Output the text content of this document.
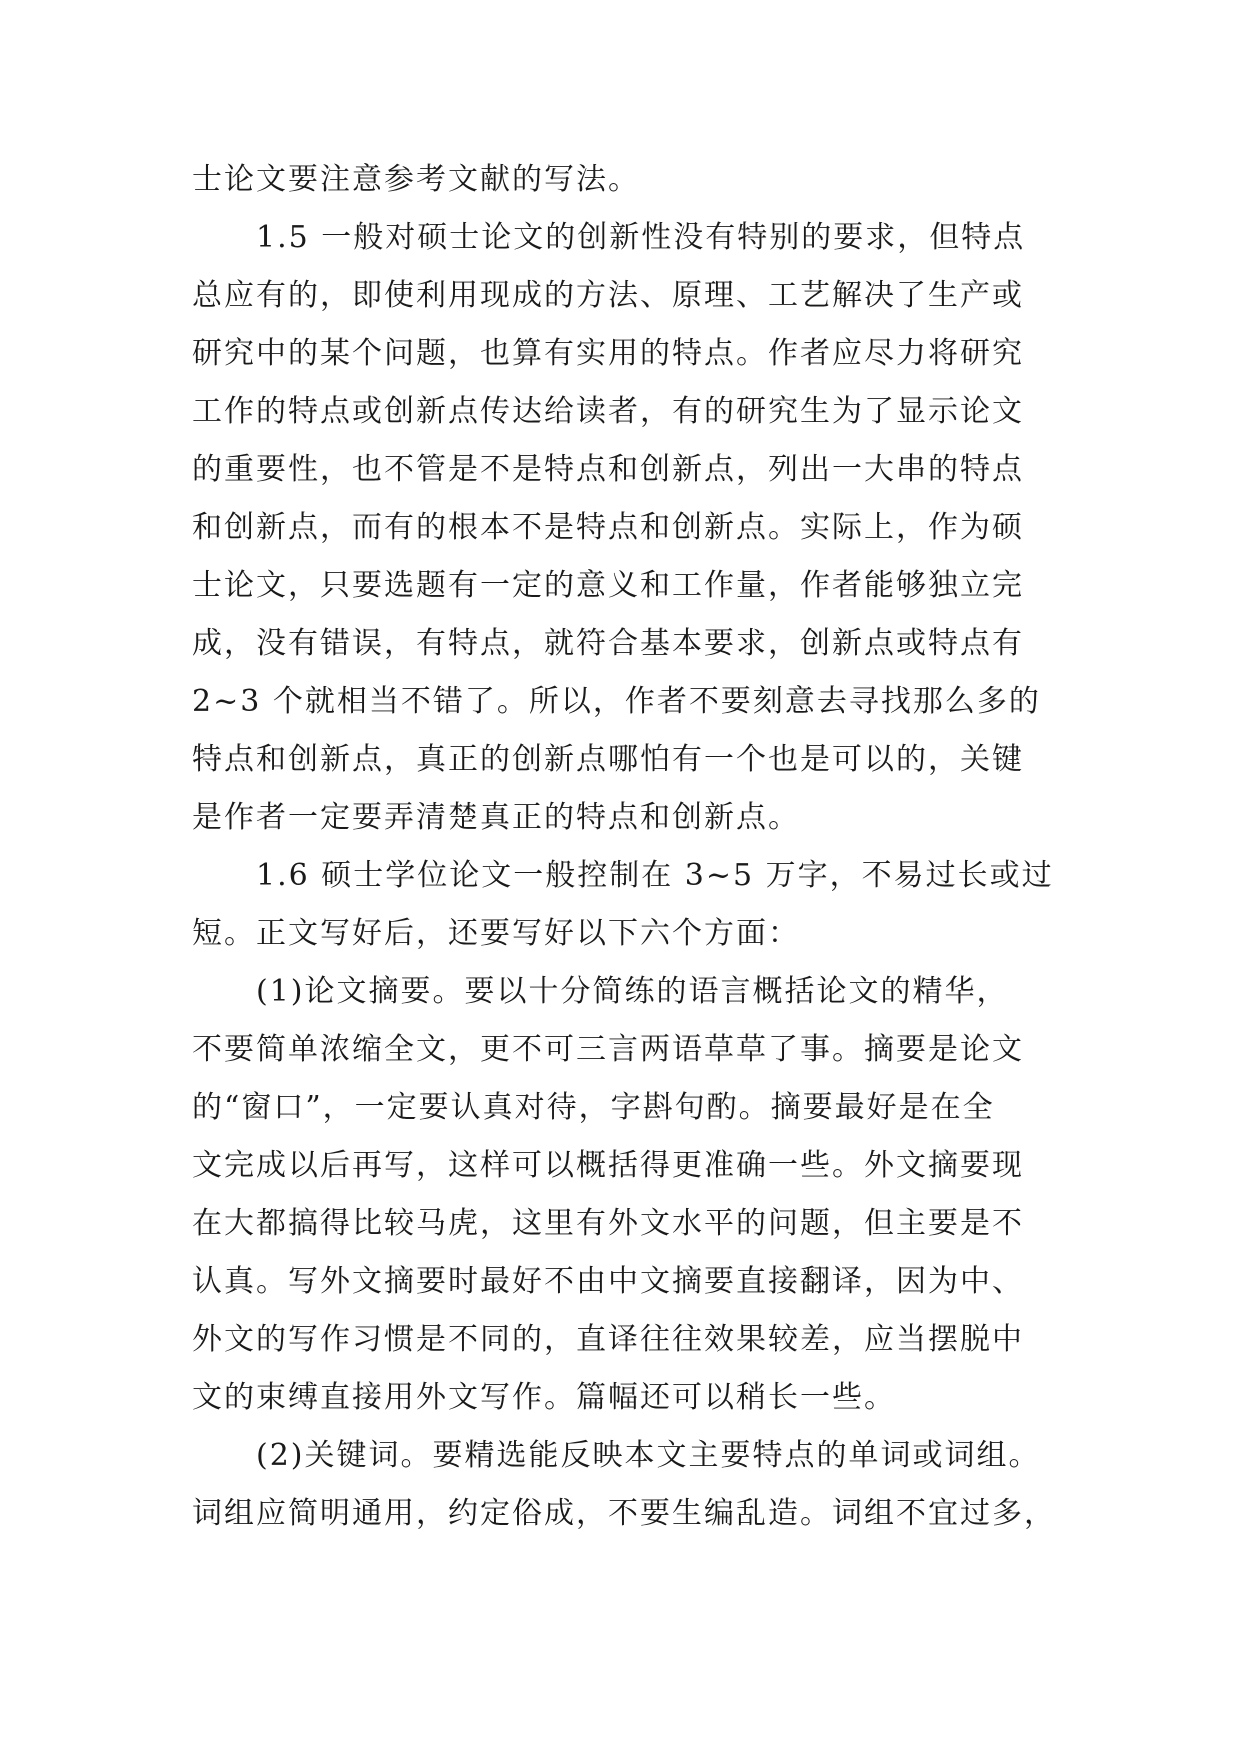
士论文要注意参考文献的写法。
1.5 一般对硕士论文的创新性没有特别的要求，但特点
总应有的，即使利用现成的方法、原理、工艺解决了生产或
研究中的某个问题，也算有实用的特点。作者应尽力将研究
工作的特点或创新点传达给读者，有的研究生为了显示论文
的重要性，也不管是不是特点和创新点，列出一大串的特点
和创新点，而有的根本不是特点和创新点。实际上，作为硕
士论文，只要选题有一定的意义和工作量，作者能够独立完
成，没有错误，有特点，就符合基本要求，创新点或特点有
2~3 个就相当不错了。所以，作者不要刻意去寻找那么多的
特点和创新点，真正的创新点哪怕有一个也是可以的，关键
是作者一定要弄清楚真正的特点和创新点。
1.6 硕士学位论文一般控制在 3~5 万字，不易过长或过
短。正文写好后，还要写好以下六个方面：
(1)论文摘要。要以十分简练的语言概括论文的精华，
不要简单浓缩全文，更不可三言两语草草了事。摘要是论文
的“窗口”，一定要认真对待，字斟句酌。摘要最好是在全
文完成以后再写，这样可以概括得更准确一些。外文摘要现
在大都搞得比较马虎，这里有外文水平的问题，但主要是不
认真。写外文摘要时最好不由中文摘要直接翻译，因为中、
外文的写作习惯是不同的，直译往往效果较差，应当摆脱中
文的束缚直接用外文写作。篇幅还可以稍长一些。
(2)关键词。要精选能反映本文主要特点的单词或词组。
词组应简明通用，约定俗成，不要生编乱造。词组不宜过多，
